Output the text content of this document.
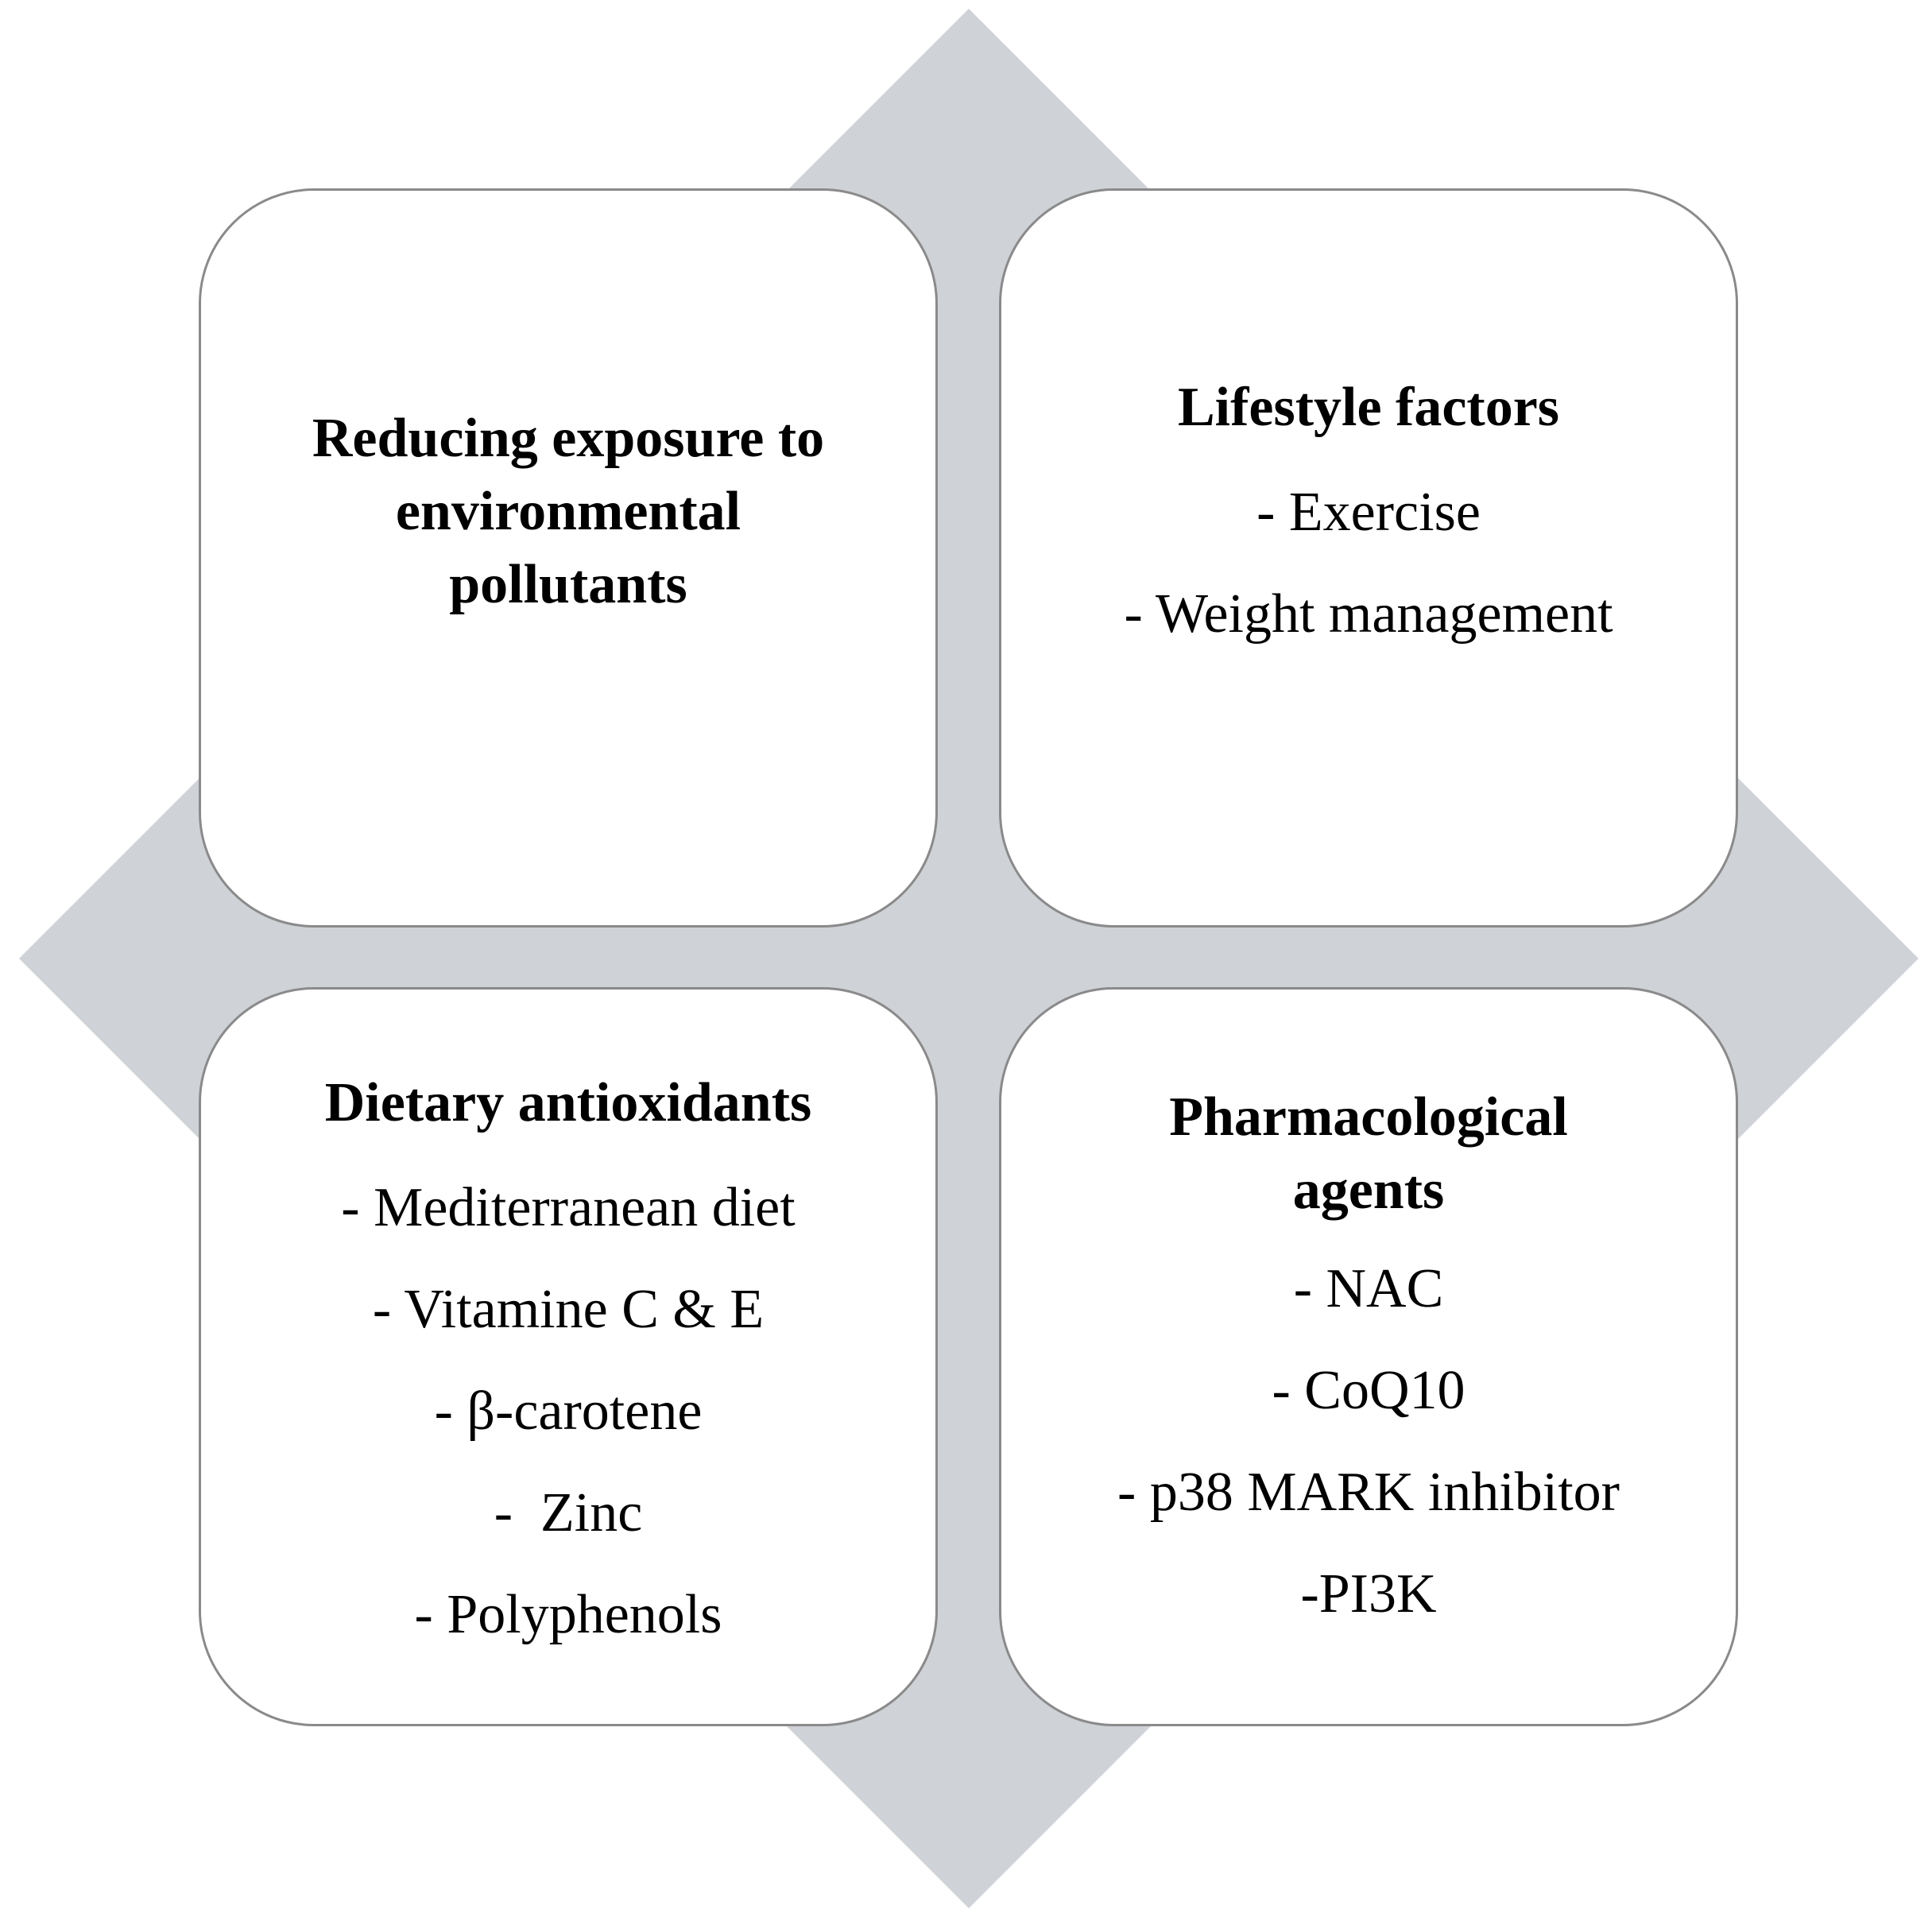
Reducing exposure to

environmental

pollutants

Lifestyle factors

- Exercise

- Weight management

Dietary antioxidants

- Mediterranean diet

- Vitamine C & E

- β-carotene

-  Zinc

- Polyphenols

Pharmacological

agents

- NAC

- CoQ10

- p38 MARK inhibitor

-PI3K
